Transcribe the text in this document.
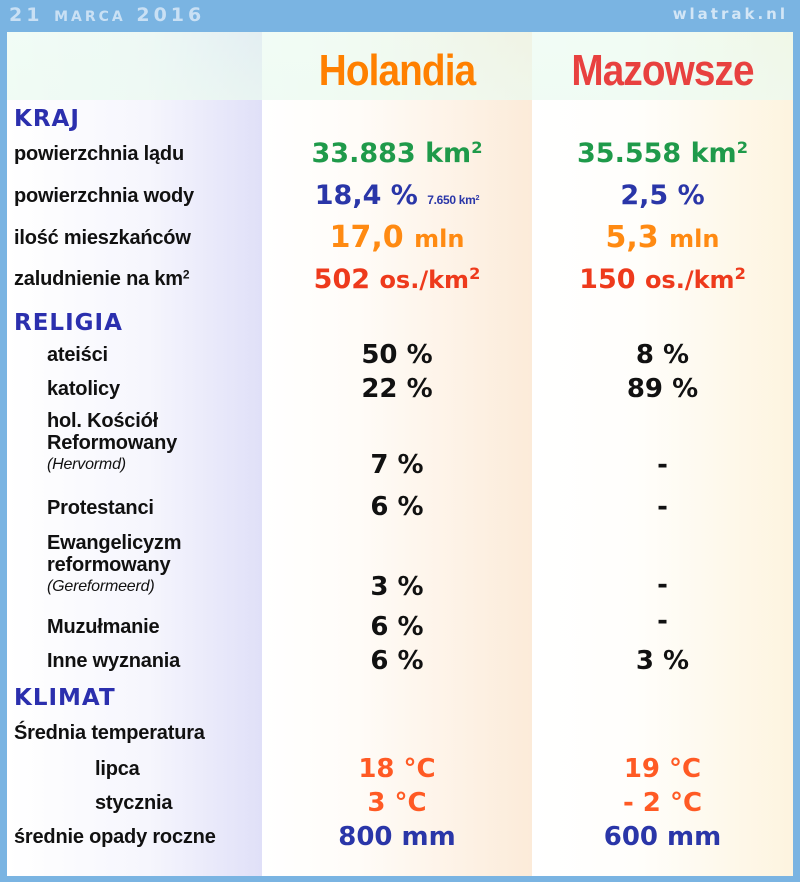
21 MARCA 2016	wlatrak.nl
Holandia	Mazowsze
KRAJ
powierzchnia lądu	33.883 $km^2$	35.558 $km^2$
powierzchnia wody	18,4 % 7.650 $km^2$	2,5 %
ilość mieszkańców	17,0 mln	5,3 mln
zaludnienie na $km^2$	502 $os./km^2$	150 $os./km^2$
RELIGIA
ateiści	50 %	8 %
katolicy	22 %	89 %
hol. Kościół
Reformowany
(Hervormd)	7 %	-
Protestanci	6 %	-
Ewangelicyzm
reformowany
(Gereformeerd)	3 %	-
Muzułmanie	6 %	-
Inne wyznania	6 %	3 %
KLIMAT
Średnia temperatura
lipca	18 °C	19 °C
stycznia	3 °C	- 2 °C
średnie opady roczne	800 mm	600 mm
